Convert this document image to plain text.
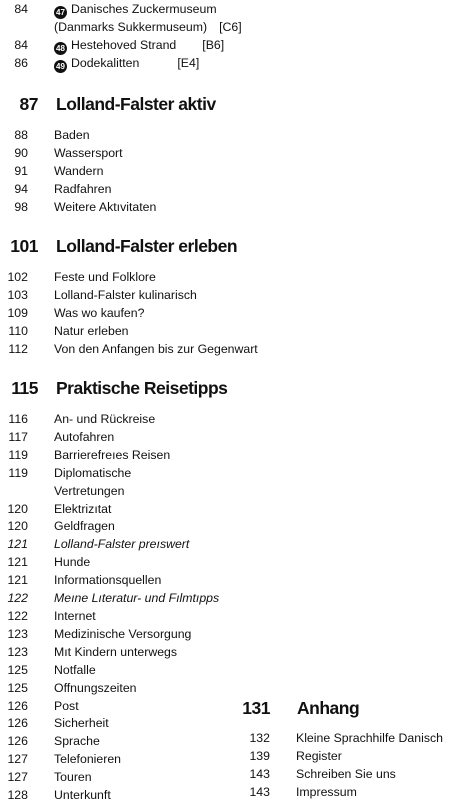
84	47 Danisches Zuckermuseum
(Danmarks Sukkermuseum) [C6]
84	48 Hestehoved Strand [B6]
86	49 Dodekalitten	[E4]
87 Lolland-Falster aktiv
88 Baden
90 Wassersport
91 Wandern
94 Radfahren
98 Weitere Aktıvitaten
101 Lolland-Falster erleben
102 Feste und Folklore
103 Lolland-Falster kulinarisch
109 Was wo kaufen?
110 Natur erleben
112 Von den Anfangen bis zur Gegenwart
115 Praktische Reisetipps
116 An- und Rückreise
117 Autofahren
119 Barrierefreıes Reisen
119 Diplomatische
Vertretungen
120 Elektrizıtat
120 Geldfragen
121 Lolland-Falster preıswert
121 Hunde
121 Informationsquellen
122 Meıne Lıteratur- und Fılmtıpps
122 Internet
123 Medizinische Versorgung
123 Mıt Kindern unterwegs
125 Notfalle
125 Offnungszeiten
126 Post
126 Sicherheit
126 Sprache
127 Telefonieren
127 Touren
128 Unterkunft
131 Anhang
132 Kleine Sprachhilfe Danisch
139 Register
143 Schreiben Sie uns
143 Impressum
